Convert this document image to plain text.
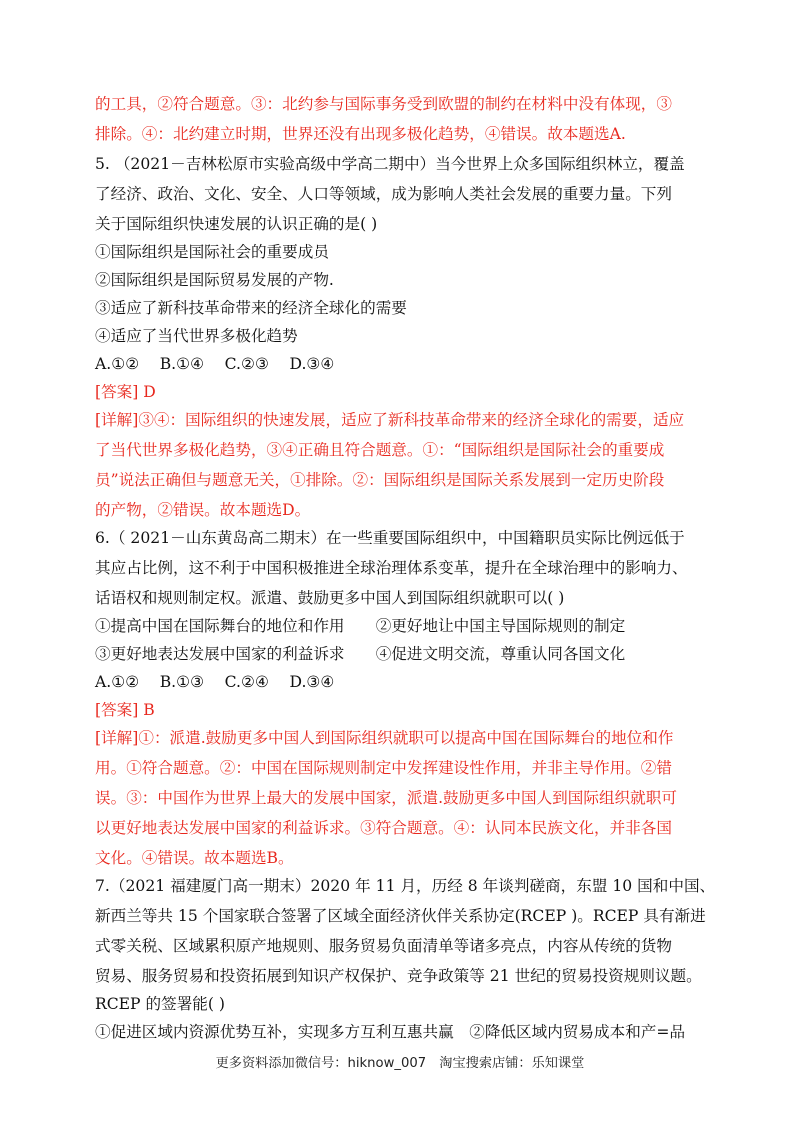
的工具，②符合题意。③：北约参与国际事务受到欧盟的制约在材料中没有体现，③
排除。④：北约建立时期，世界还没有出现多极化趋势，④错误。故本题选A.
5. （2021－吉林松原市实验高级中学高二期中）当今世界上众多国际组织林立，覆盖
了经济、政治、文化、安全、人口等领域，成为影响人类社会发展的重要力量。下列
关于国际组织快速发展的认识正确的是( )
①国际组织是国际社会的重要成员
②国际组织是国际贸易发展的产物.
③适应了新科技革命带来的经济全球化的需要
④适应了当代世界多极化趋势
A.①②　 B.①④　 C.②③　 D.③④
[答案] D
[详解]③④：国际组织的快速发展，适应了新科技革命带来的经济全球化的需要，适应
了当代世界多极化趋势，③④正确且符合题意。①：“国际组织是国际社会的重要成
员”说法正确但与题意无关，①排除。②：国际组织是国际关系发展到一定历史阶段
的产物，②错误。故本题选D。
6.（ 2021－山东黄岛高二期末）在一些重要国际组织中，中国籍职员实际比例远低于
其应占比例，这不利于中国积极推进全球治理体系变革，提升在全球治理中的影响力、
话语权和规则制定权。派遣、鼓励更多中国人到国际组织就职可以( )
①提高中国在国际舞台的地位和作用　　②更好地让中国主导国际规则的制定
③更好地表达发展中国家的利益诉求　　④促进文明交流，尊重认同各国文化
A.①②　 B.①③　 C.②④　 D.③④
[答案] B
[详解]①：派遣.鼓励更多中国人到国际组织就职可以提高中国在国际舞台的地位和作
用。①符合题意。②：中国在国际规则制定中发挥建设性作用，并非主导作用。②错
误。③：中国作为世界上最大的发展中国家，派遣.鼓励更多中国人到国际组织就职可
以更好地表达发展中国家的利益诉求。③符合题意。④：认同本民族文化，并非各国
文化。④错误。故本题选B。
7.（2021 福建厦门高一期末）2020 年 11 月，历经 8 年谈判磋商，东盟 10 国和中国、
新西兰等共 15 个国家联合签署了区域全面经济伙伴关系协定(RCEP )。RCEP 具有渐进
式零关税、区域累积原产地规则、服务贸易负面清单等诸多亮点，内容从传统的货物
贸易、服务贸易和投资拓展到知识产权保护、竞争政策等 21 世纪的贸易投资规则议题。
RCEP 的签署能( )
①促进区域内资源优势互补，实现多方互利互惠共赢　②降低区域内贸易成本和产=品
更多资料添加微信号：hiknow_007　淘宝搜索店铺：乐知课堂
